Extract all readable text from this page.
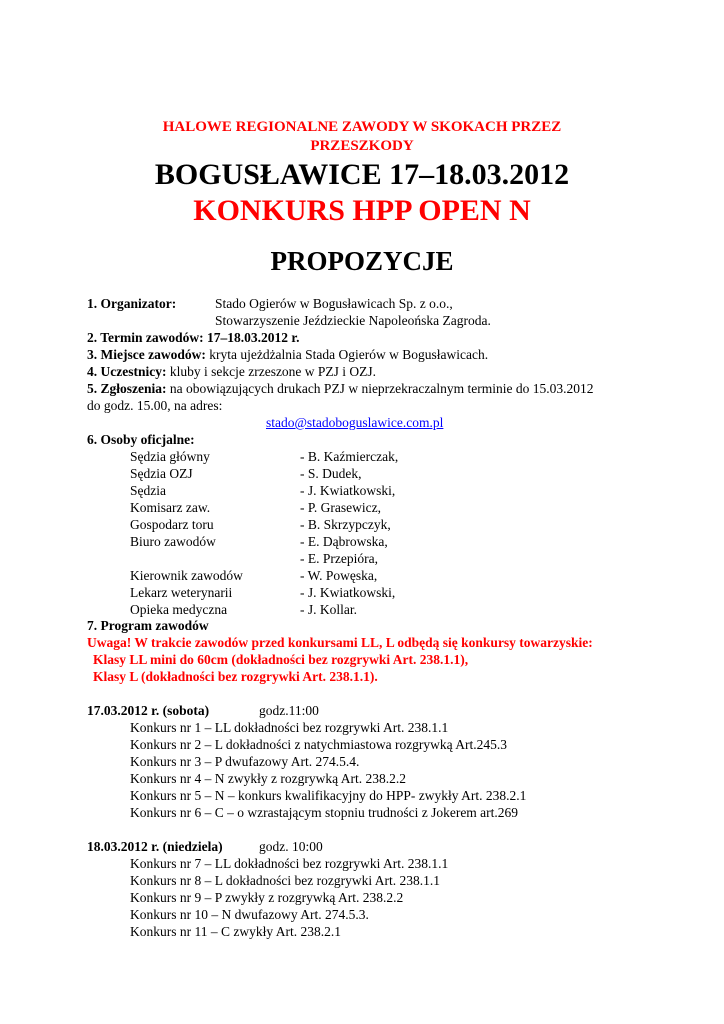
HALOWE REGIONALNE ZAWODY W SKOKACH PRZEZ
PRZESZKODY
BOGUSŁAWICE 17–18.03.2012
KONKURS HPP OPEN N
PROPOZYCJE
1. Organizator:	Stado Ogierów w Bogusławicach Sp. z o.o.,
Stowarzyszenie Jeździeckie Napoleońska Zagroda.
2. Termin zawodów: 17–18.03.2012 r.
3. Miejsce zawodów: kryta ujeżdżalnia Stada Ogierów w Bogusławicach.
4. Uczestnicy: kluby i sekcje zrzeszone w PZJ i OZJ.
5. Zgłoszenia: na obowiązujących drukach PZJ w nieprzekraczalnym terminie do 15.03.2012
do godz. 15.00, na adres:
stado@stadoboguslawice.com.pl
6. Osoby oficjalne:
Sędzia główny	- B. Kaźmierczak,
Sędzia OZJ	- S. Dudek,
Sędzia	- J. Kwiatkowski,
Komisarz zaw.	- P. Grasewicz,
Gospodarz toru	- B. Skrzypczyk,
Biuro zawodów	- E. Dąbrowska,
- E. Przepióra,
Kierownik zawodów	- W. Powęska,
Lekarz weterynarii	- J. Kwiatkowski,
Opieka medyczna	- J. Kollar.
7. Program zawodów
Uwaga! W trakcie zawodów przed konkursami LL, L odbędą się konkursy towarzyskie:
Klasy LL mini do 60cm (dokładności bez rozgrywki Art. 238.1.1),
Klasy L (dokładności bez rozgrywki Art. 238.1.1).
17.03.2012 r. (sobota)	godz.11:00
Konkurs nr 1 – LL dokładności bez rozgrywki Art. 238.1.1
Konkurs nr 2 – L dokładności z natychmiastowa rozgrywką Art.245.3
Konkurs nr 3 – P dwufazowy Art. 274.5.4.
Konkurs nr 4 – N zwykły z rozgrywką Art. 238.2.2
Konkurs nr 5 – N – konkurs kwalifikacyjny do HPP- zwykły Art. 238.2.1
Konkurs nr 6 – C – o wzrastającym stopniu trudności z Jokerem art.269
18.03.2012 r. (niedziela)	godz. 10:00
Konkurs nr 7 – LL dokładności bez rozgrywki Art. 238.1.1
Konkurs nr 8 – L dokładności bez rozgrywki Art. 238.1.1
Konkurs nr 9 – P zwykły z rozgrywką Art. 238.2.2
Konkurs nr 10 – N dwufazowy Art. 274.5.3.
Konkurs nr 11 – C zwykły Art. 238.2.1
